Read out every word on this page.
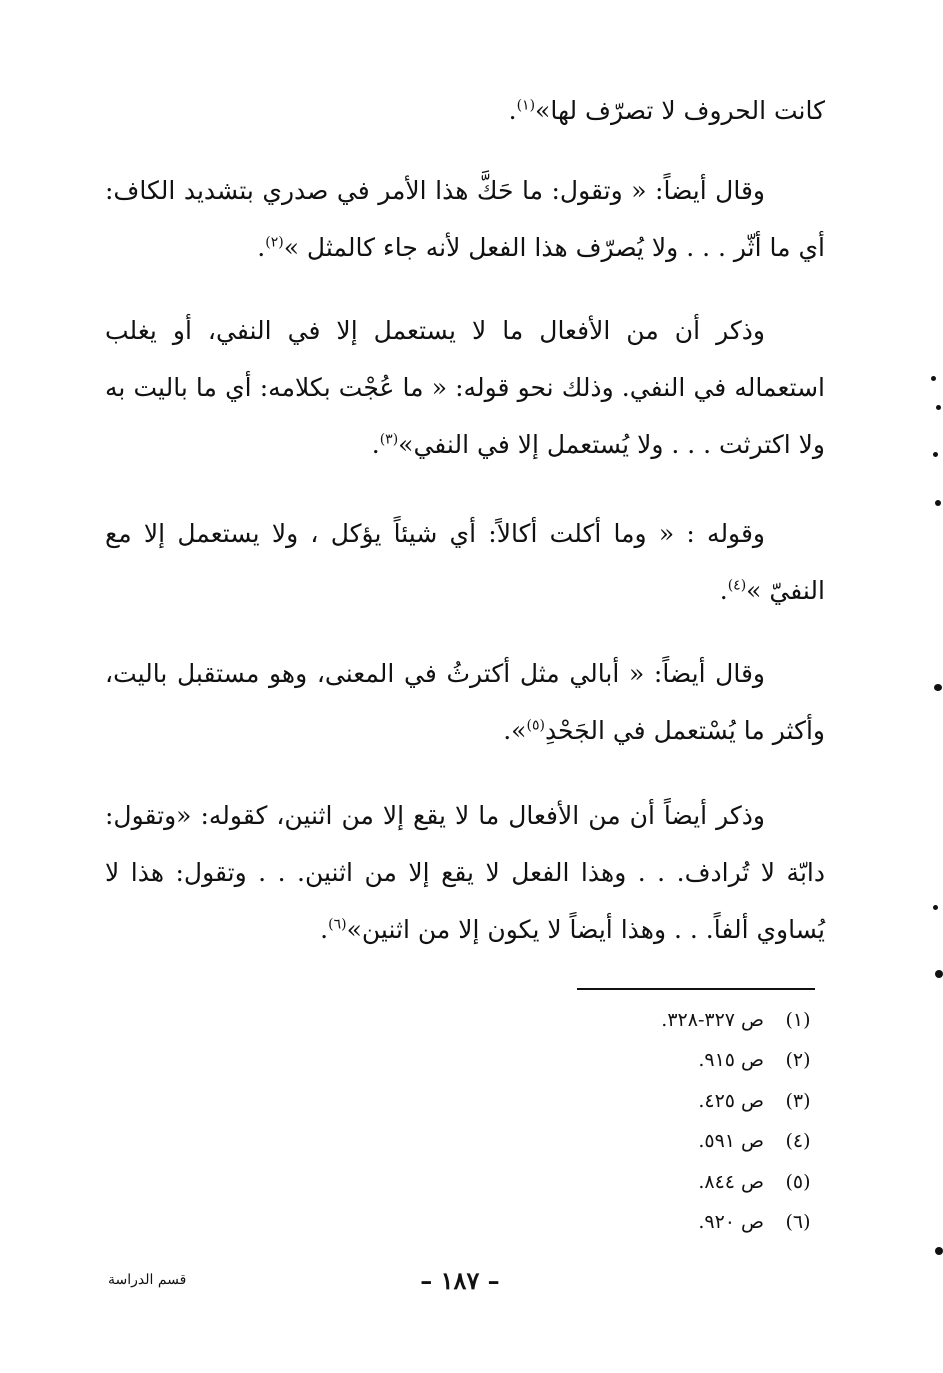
كانت الحروف لا تصرّف لها»$^{(١)}$.

وقال أيضاً: « وتقول: ما حَكَّ هذا الأمر في صدري بتشديد الكاف: أي ما أثّر . . . ولا يُصرّف هذا الفعل لأنه جاء كالمثل »$^{(٢)}$.

وذكر أن من الأفعال ما لا يستعمل إلا في النفي، أو يغلب استعماله في النفي. وذلك نحو قوله: « ما عُجْت بكلامه: أي ما باليت به ولا اكترثت . . . ولا يُستعمل إلا في النفي»$^{(٣)}$.

وقوله : « وما أكلت أكالاً: أي شيئاً يؤكل ، ولا يستعمل إلا مع النفيّ »$^{(٤)}$.

وقال أيضاً: « أبالي مثل أكترثُ في المعنى، وهو مستقبل باليت، وأكثر ما يُسْتعمل في الجَحْدِ$^{(٥)}$».

وذكر أيضاً أن من الأفعال ما لا يقع إلا من اثنين، كقوله: «وتقول: دابّة لا تُرادف. . . وهذا الفعل لا يقع إلا من اثنين. . . وتقول: هذا لا يُساوي ألفاً. . . وهذا أيضاً لا يكون إلا من اثنين»$^{(٦)}$.

(١)ص ٣٢٧-٣٢٨.
(٢)ص ٩١٥.
(٣)ص ٤٢٥.
(٤)ص ٥٩١.
(٥)ص ٨٤٤.
(٦)ص ٩٢٠.
قسم الدراسة	– ١٨٧ –
